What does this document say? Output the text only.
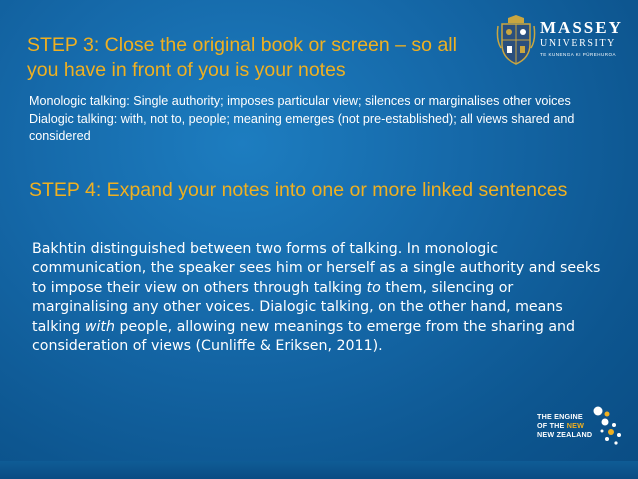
STEP 3: Close the original book or screen – so all you have in front of you is your notes
MASSEY
UNIVERSITY
TE KUNENGA KI PŪREHUROA

Monologic talking: Single authority; imposes particular view; silences or marginalises other voices

Dialogic talking: with, not to, people; meaning emerges (not pre-established); all views shared and considered

STEP 4: Expand your notes into one or more linked sentences

Bakhtin distinguished between two forms of talking. In monologic communication, the speaker sees him or herself as a single authority and seeks to impose their view on others through talking to them, silencing or marginalising any other voices. Dialogic talking, on the other hand, means talking with people, allowing new meanings to emerge from the sharing and consideration of views (Cunliffe & Eriksen, 2011).

THE ENGINE
OF THE NEW
NEW ZEALAND
